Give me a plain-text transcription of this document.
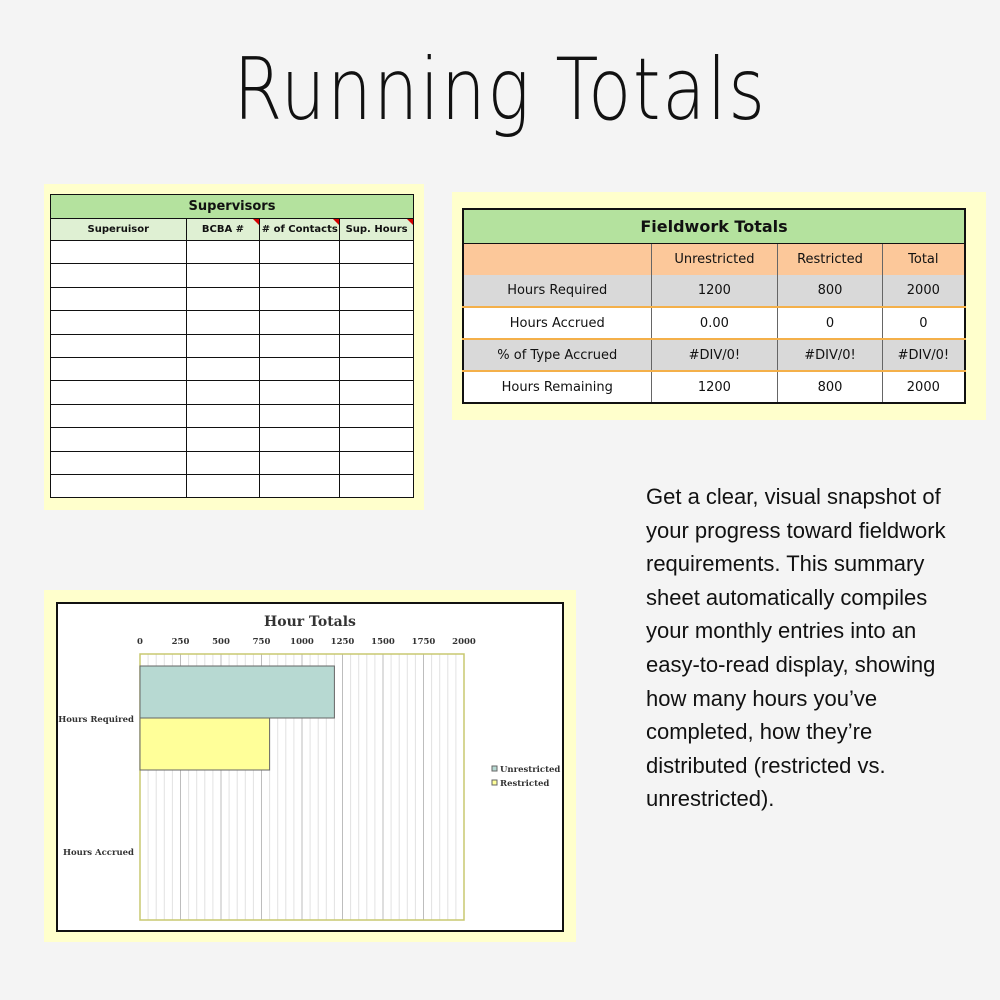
Running Totals
Supervisors			
Superuisor	BCBA #	# of Contacts	Sup. Hours

				Fieldwork Totals			
	Unrestricted	Restricted	Total
Hours Required	1200	800	2000
Hours Accrued	0.00	0	0
% of Type Accrued	#DIV/0!	#DIV/0!	#DIV/0!
Hours Remaining	1200	800	2000
Hour Totals
0	250	500	750 1000 1250 1500 1750 2000
Hours Required
Hours Accrued
Unrestricted
Restricted
Get a clear, visual snapshot of your progress toward fieldwork requirements. This summary sheet automatically compiles your monthly entries into an easy-to-read display, showing how many hours you’ve completed, how they’re distributed (restricted vs. unrestricted).
